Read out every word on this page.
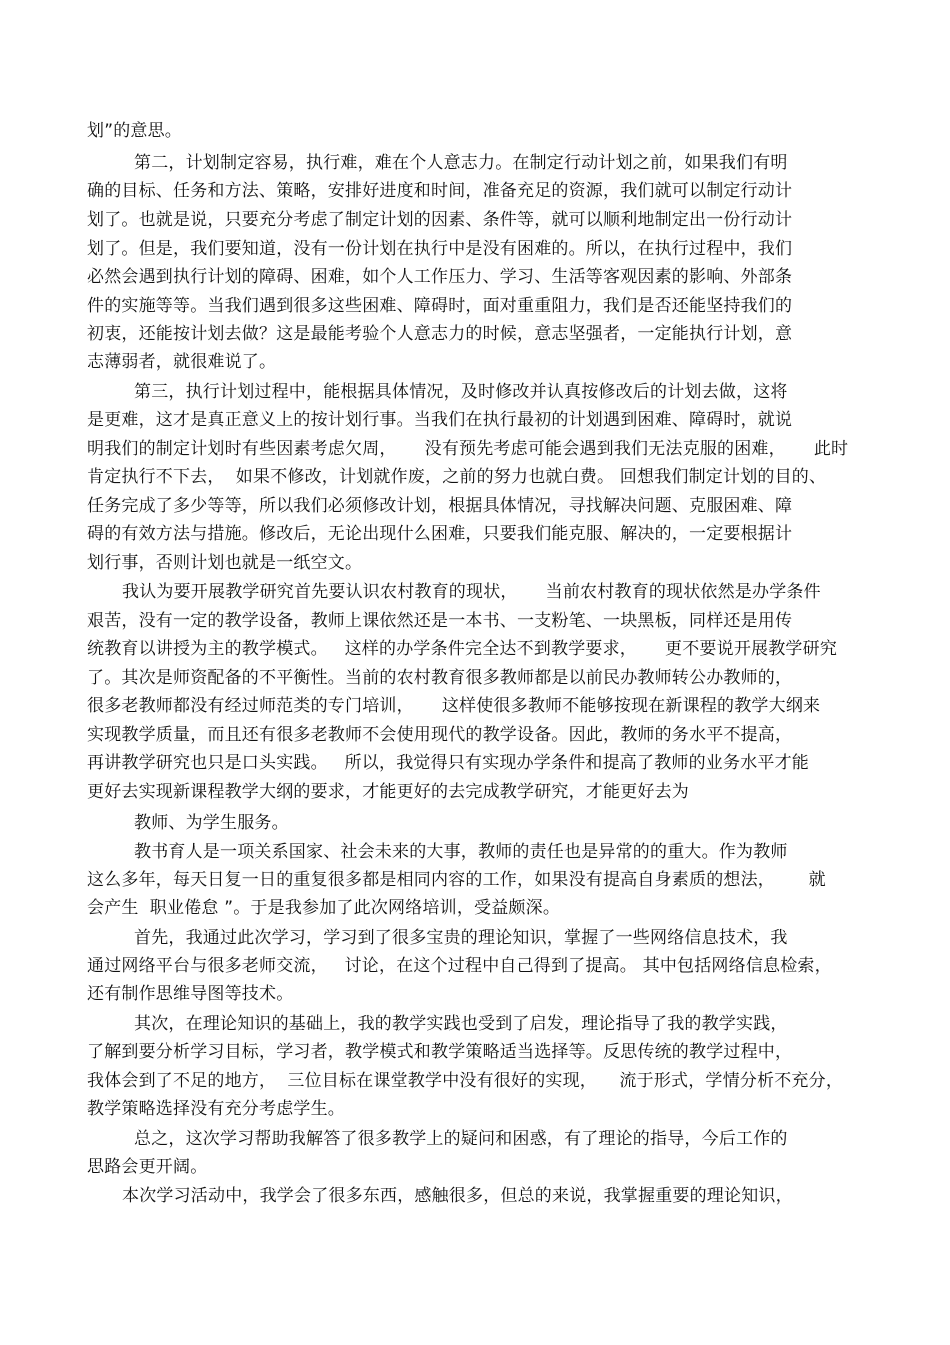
划”的意思。
第二，计划制定容易，执行难，难在个人意志力。在制定行动计划之前，如果我们有明
确的目标、任务和方法、策略，安排好进度和时间，准备充足的资源，我们就可以制定行动计
划了。也就是说，只要充分考虑了制定计划的因素、条件等，就可以顺利地制定出一份行动计
划了。但是，我们要知道，没有一份计划在执行中是没有困难的。所以，在执行过程中，我们
必然会遇到执行计划的障碍、困难，如个人工作压力、学习、生活等客观因素的影响、外部条
件的实施等等。当我们遇到很多这些困难、障碍时，面对重重阻力，我们是否还能坚持我们的
初衷，还能按计划去做？这是最能考验个人意志力的时候，意志坚强者，一定能执行计划，意
志薄弱者，就很难说了。
第三，执行计划过程中，能根据具体情况，及时修改并认真按修改后的计划去做，这将
是更难，这才是真正意义上的按计划行事。当我们在执行最初的计划遇到困难、障碍时，就说
明我们的制定计划时有些因素考虑欠周，     没有预先考虑可能会遇到我们无法克服的困难，     此时
肯定执行不下去，  如果不修改，计划就作废，之前的努力也就白费。 回想我们制定计划的目的、
任务完成了多少等等，所以我们必须修改计划，根据具体情况，寻找解决问题、克服困难、障
碍的有效方法与措施。修改后，无论出现什么困难，只要我们能克服、解决的，一定要根据计
划行事，否则计划也就是一纸空文。
我认为要开展教学研究首先要认识农村教育的现状，     当前农村教育的现状依然是办学条件
艰苦，没有一定的教学设备，教师上课依然还是一本书、一支粉笔、一块黑板，同样还是用传
统教育以讲授为主的教学模式。   这样的办学条件完全达不到教学要求，     更不要说开展教学研究
了。其次是师资配备的不平衡性。当前的农村教育很多教师都是以前民办教师转公办教师的，
很多老教师都没有经过师范类的专门培训，     这样使很多教师不能够按现在新课程的教学大纲来
实现教学质量，而且还有很多老教师不会使用现代的教学设备。因此，教师的务水平不提高，
再讲教学研究也只是口头实践。   所以，我觉得只有实现办学条件和提高了教师的业务水平才能
更好去实现新课程教学大纲的要求，才能更好的去完成教学研究，才能更好去为
教师、为学生服务。
教书育人是一项关系国家、社会未来的大事，教师的责任也是异常的的重大。作为教师
这么多年，每天日复一日的重复很多都是相同内容的工作，如果没有提高自身素质的想法，      就
会产生  职业倦怠 ”。于是我参加了此次网络培训，受益颇深。
首先，我通过此次学习，学习到了很多宝贵的理论知识，掌握了一些网络信息技术，我
通过网络平台与很多老师交流，   讨论，在这个过程中自己得到了提高。 其中包括网络信息检索，
还有制作思维导图等技术。
其次，在理论知识的基础上，我的教学实践也受到了启发，理论指导了我的教学实践，
了解到要分析学习目标，学习者，教学模式和教学策略适当选择等。反思传统的教学过程中，
我体会到了不足的地方，  三位目标在课堂教学中没有很好的实现，    流于形式，学情分析不充分，
教学策略选择没有充分考虑学生。
总之，这次学习帮助我解答了很多教学上的疑问和困惑，有了理论的指导，今后工作的
思路会更开阔。
本次学习活动中，我学会了很多东西，感触很多，但总的来说，我掌握重要的理论知识，
